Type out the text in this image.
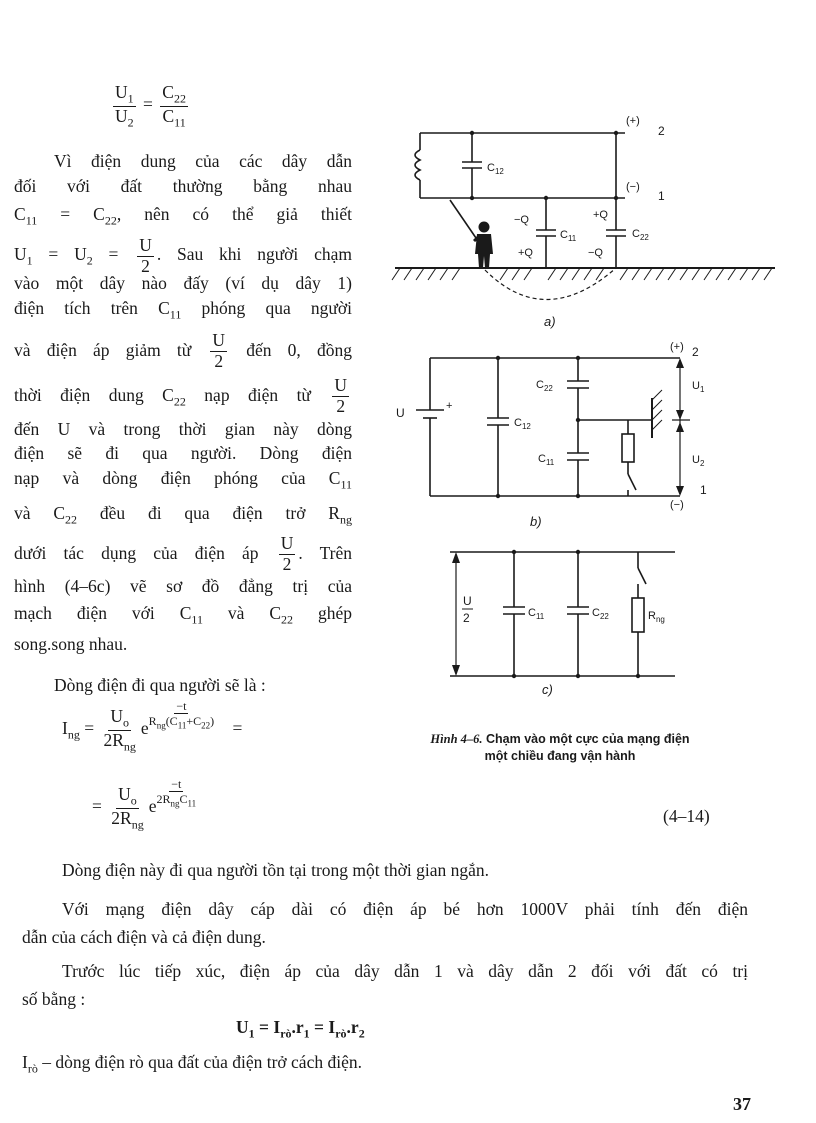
$\frac{U_1}{U_2} = \frac{C_{22}}{C_{11}}$
Vì điện dung của các dây dẫn
đối với đất thường bằng nhau
$C_{11} = C_{22}$, nên có thể giả thiết
$U_1 = U_2 = \frac{U}{2}$ . Sau khi người chạm
vào một dây nào đấy (ví dụ dây 1)
điện tích trên $C_{11}$ phóng qua người
và điện áp giảm từ $\frac{U}{2}$ đến 0, đồng
thời điện dung $C_{22}$ nạp điện từ $\frac{U}{2}$
đến U và trong thời gian này dòng
điện sẽ đi qua người. Dòng điện
nạp và dòng điện phóng của $C_{11}$
và $C_{22}$ đều đi qua điện trở $R_{ng}$
dưới tác dụng của điện áp $\frac{U}{2}$ . Trên
hình (4–6c) vẽ sơ đồ đẳng trị của
mạch điện với $C_{11}$ và $C_{22}$ ghép
song.song nhau.
Dòng điện đi qua người sẽ là :
$I_{ng} = \frac{U_o}{2R_{ng}}$ e
−t
$R_{ng}(C_{11}+C_{22})$ =
= $\frac{U_o}{2R_{ng}}$ e
−t
$2R_{ng}C_{11}$
(4–14)
Hình 4–6. Chạm vào một cực của mạng điện
một chiều đang vận hành
Dòng điện này đi qua người tồn tại trong một thời gian ngắn.
Với mạng điện dây cáp dài có điện áp bé hơn 1000V phải tính đến điện
dẫn của cách điện và cả điện dung.
Trước lúc tiếp xúc, điện áp của dây dẫn 1 và dây dẫn 2 đối với đất có trị
số bằng :
$U_1 = I_{rò}.r_1 = I_{rò}.r_2$
$I_{rò}$ – dòng điện rò qua đất của điện trở cách điện.
37
$C_{12}$
(+)
2
(−)
1
−Q
+Q
$C_{11}$
+Q
−Q
$C_{22}$
a)
U	+
$C_{12}$
$C_{22}$
$C_{11}$
(+) 2
$U_1$
$U_2$
1
(−)
b)
U
2	$C_{11}$	$C_{22}$	$R_{ng}$
c)
